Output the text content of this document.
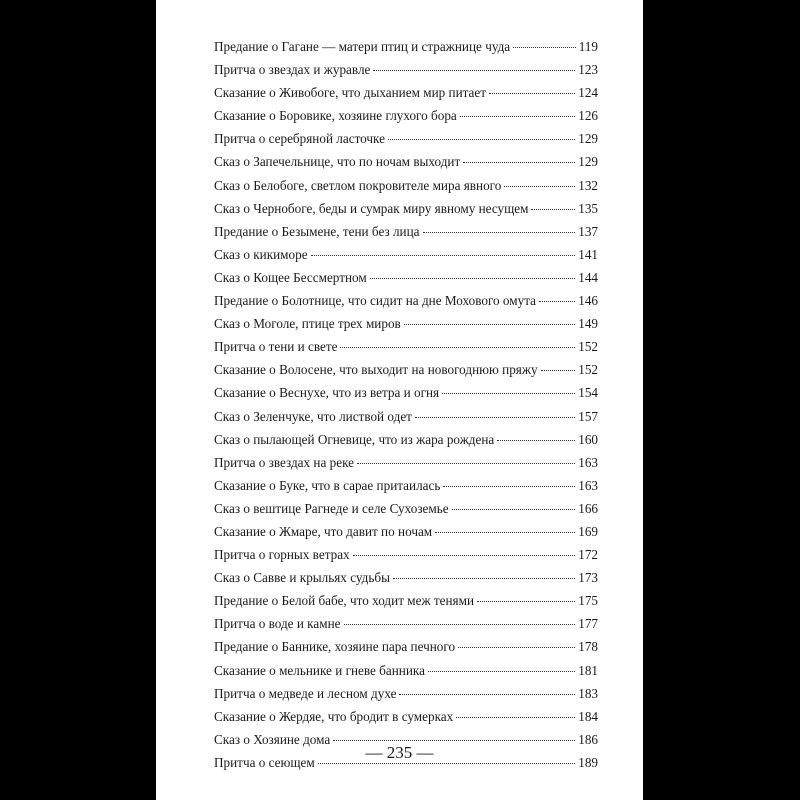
Предание о Гагане — матери птиц и стражнице чуда	119
Притча о звездах и журавле	123
Сказание о Живобоге, что дыханием мир питает	124
Сказание о Боровике, хозяине глухого бора	126
Притча о серебряной ласточке	129
Сказ о Запечельнице, что по ночам выходит	129
Сказ о Белобоге, светлом покровителе мира явного	132
Сказ о Чернобоге, беды и сумрак миру явному несущем	135
Предание о Безымене, тени без лица	137
Сказ о кикиморе	141
Сказ о Кощее Бессмертном	144
Предание о Болотнице, что сидит на дне Мохового омута	146
Сказ о Моголе, птице трех миров	149
Притча о тени и свете	152
Сказание о Волосене, что выходит на новогоднюю пряжу	152
Сказание о Веснухе, что из ветра и огня	154
Сказ о Зеленчуке, что листвой одет	157
Сказ о пылающей Огневице, что из жара рождена	160
Притча о звездах на реке	163
Сказание о Буке, что в сарае притаилась	163
Сказ о вештице Рагнеде и селе Сухоземье	166
Сказание о Жмаре, что давит по ночам	169
Притча о горных ветрах	172
Сказ о Савве и крыльях судьбы	173
Предание о Белой бабе, что ходит меж тенями	175
Притча о воде и камне	177
Предание о Баннике, хозяине пара печного	178
Сказание о мельнике и гневе банника	181
Притча о медведе и лесном духе	183
Сказание о Жердяе, что бродит в сумерках	184
Сказ о Хозяине дома	186
Притча о сеющем	189
— 235 —
